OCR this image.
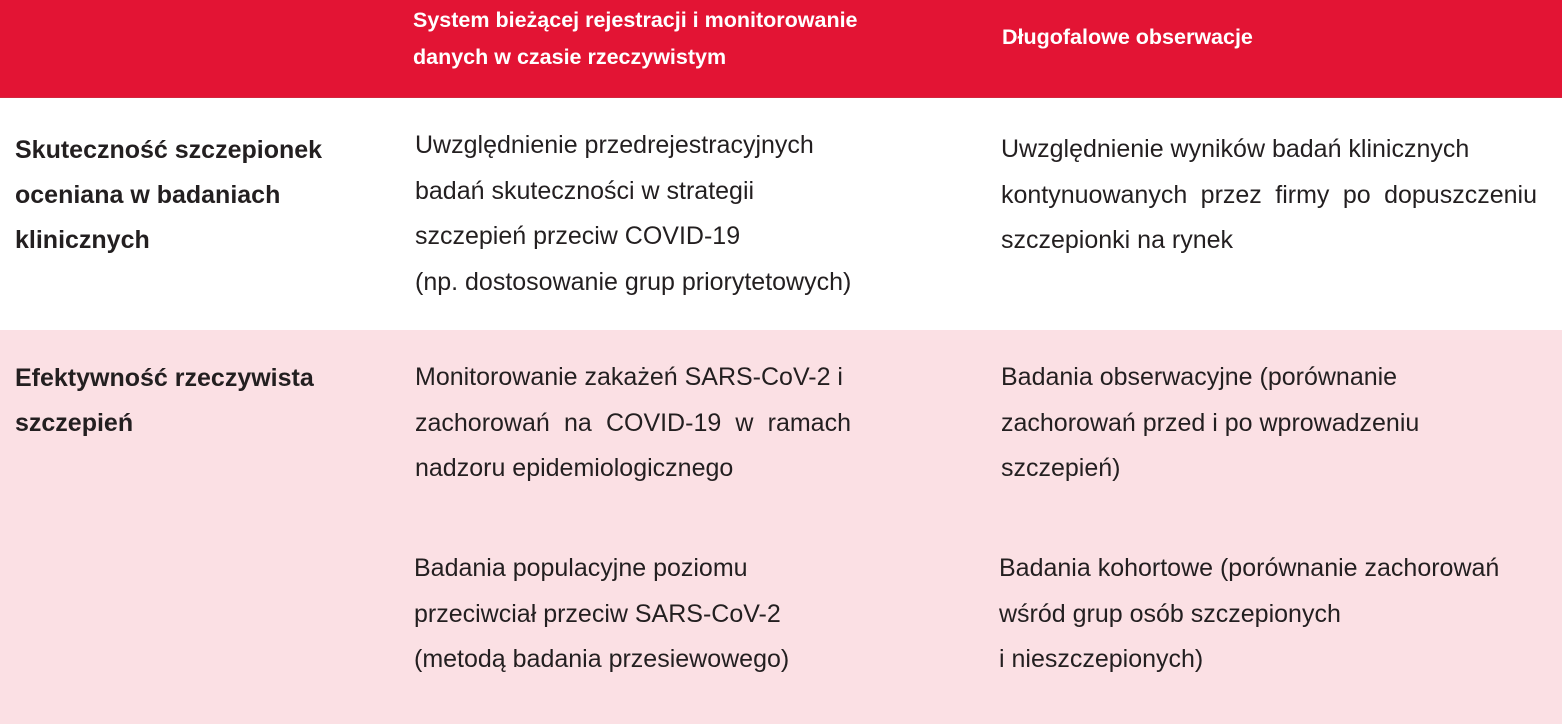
System bieżącej rejestracji i monitorowanie
danych w czasie rzeczywistym
Długofalowe obserwacje
Skuteczność szczepionek
oceniana w badaniach
klinicznych
Uwzględnienie przedrejestracyjnych
badań skuteczności w strategii
szczepień przeciw COVID-19
(np. dostosowanie grup priorytetowych)
Uwzględnienie wyników badań klinicznych
kontynuowanych przez firmy po dopuszczeniu
szczepionki na rynek
Efektywność rzeczywista
szczepień
Monitorowanie zakażeń SARS-CoV-2 i
zachorowań na COVID-19 w ramach
nadzoru epidemiologicznego
Badania populacyjne poziomu
przeciwciał przeciw SARS-CoV-2
(metodą badania przesiewowego)
Badania obserwacyjne (porównanie
zachorowań przed i po wprowadzeniu
szczepień)
Badania kohortowe (porównanie zachorowań
wśród grup osób szczepionych
i nieszczepionych)
